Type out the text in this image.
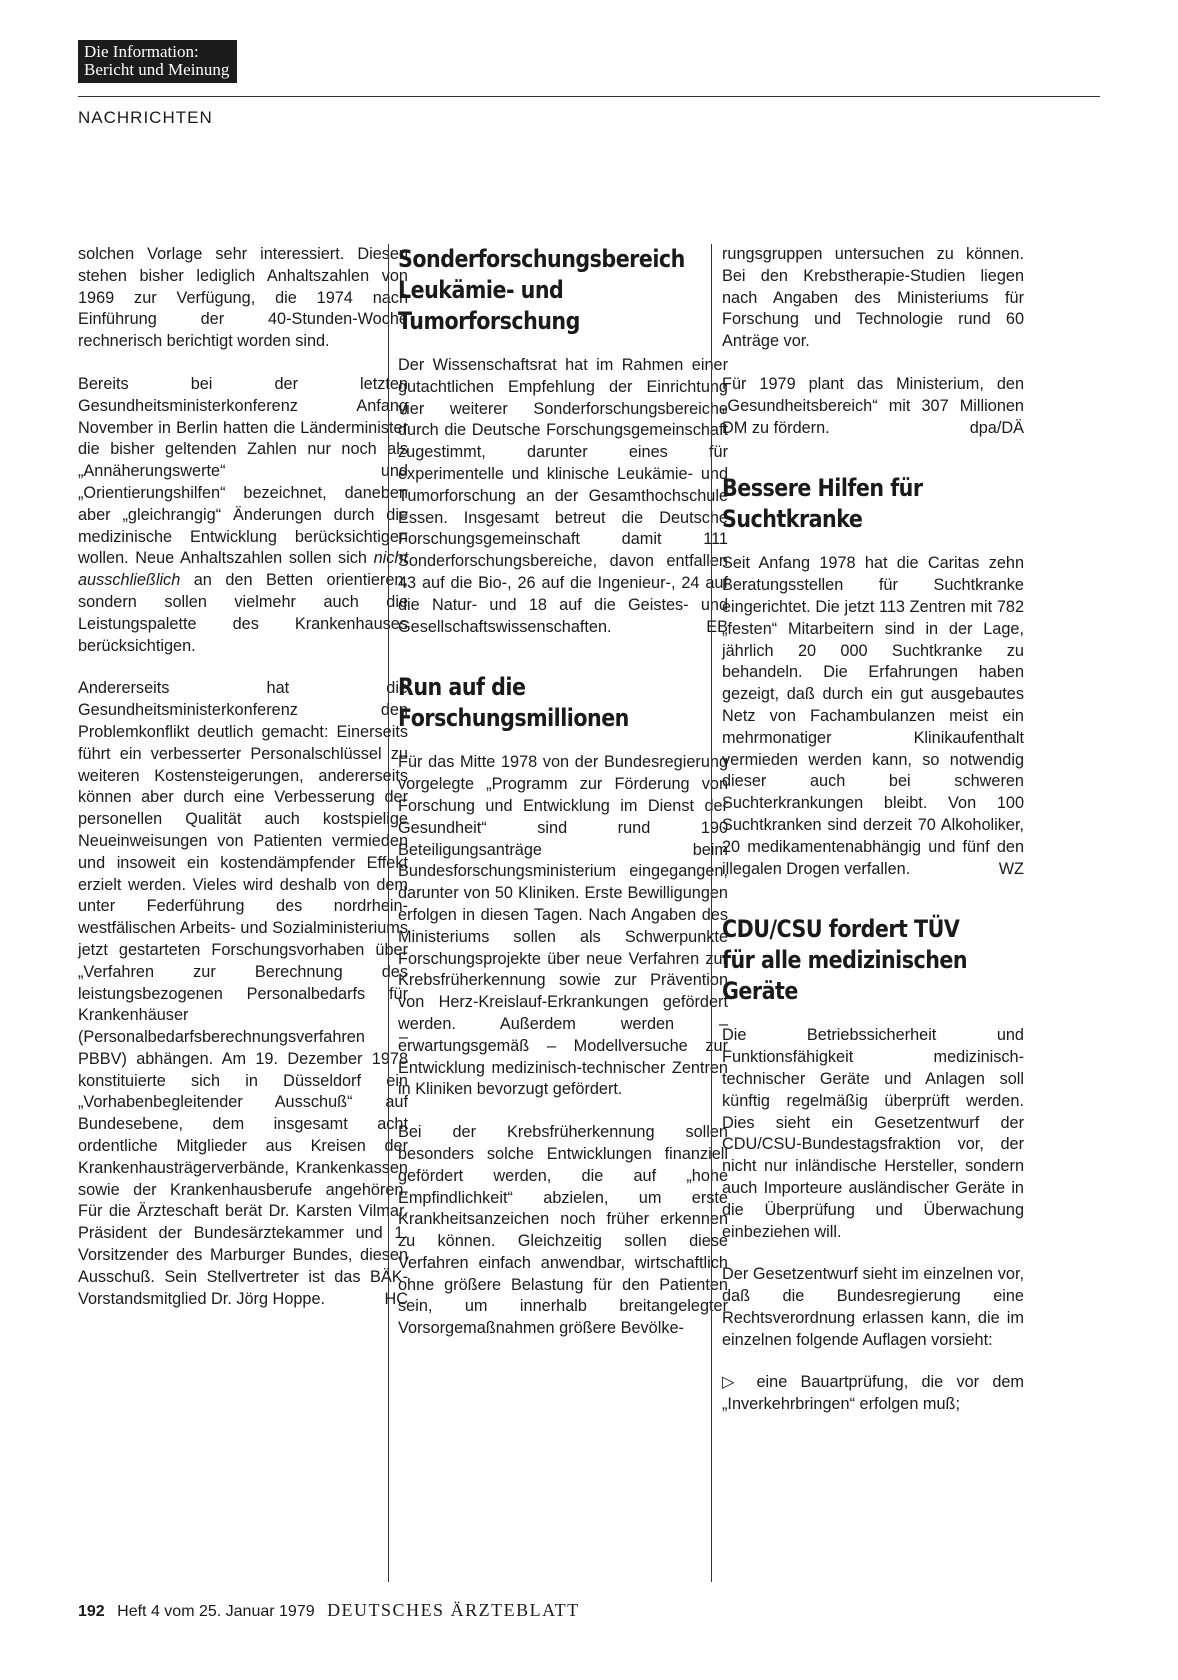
Die Information:
Bericht und Meinung
NACHRICHTEN

solchen Vorlage sehr interessiert. Diesen stehen bisher lediglich Anhaltszahlen von 1969 zur Verfügung, die 1974 nach Einführung der 40-Stunden-Woche rechnerisch berichtigt worden sind.

Bereits bei der letzten Gesundheitsministerkonferenz Anfang November in Berlin hatten die Länderminister die bisher geltenden Zahlen nur noch als „Annäherungswerte“ und „Orientierungshilfen“ bezeichnet, daneben aber „gleichrangig“ Änderungen durch die medizinische Entwicklung berücksichtigen wollen. Neue Anhaltszahlen sollen sich nicht ausschließlich an den Betten orientieren, sondern sollen vielmehr auch die Leistungspalette des Krankenhauses berücksichtigen.

Andererseits hat die Gesundheitsministerkonferenz den Problemkonflikt deutlich gemacht: Einerseits führt ein verbesserter Personalschlüssel zu weiteren Kostensteigerungen, andererseits können aber durch eine Verbesserung der personellen Qualität auch kostspielige Neueinweisungen von Patienten vermieden und insoweit ein kostendämpfender Effekt erzielt werden. Vieles wird deshalb von dem unter Federführung des nordrhein-westfälischen Arbeits- und Sozialministeriums jetzt gestarteten Forschungsvorhaben über „Verfahren zur Berechnung des leistungsbezogenen Personalbedarfs für Krankenhäuser (Personalbedarfsberechnungsverfahren – PBBV) abhängen. Am 19. Dezember 1978 konstituierte sich in Düsseldorf ein „Vorhabenbegleitender Ausschuß“ auf Bundesebene, dem insgesamt acht ordentliche Mitglieder aus Kreisen der Krankenhausträgerverbände, Krankenkassen sowie der Krankenhausberufe angehören. Für die Ärzteschaft berät Dr. Karsten Vilmar, Präsident der Bundesärztekammer und 1. Vorsitzender des Marburger Bundes, diesen Ausschuß. Sein Stellvertreter ist das BÄK-Vorstandsmitglied Dr. Jörg Hoppe.	HC

Sonderforschungsbereich Leukämie- und Tumorforschung

Der Wissenschaftsrat hat im Rahmen einer gutachtlichen Empfehlung der Einrichtung vier weiterer Sonderforschungsbereiche durch die Deutsche Forschungsgemeinschaft zugestimmt, darunter eines für experimentelle und klinische Leukämie- und Tumorforschung an der Gesamthochschule Essen. Insgesamt betreut die Deutsche Forschungsgemeinschaft damit 111 Sonderforschungsbereiche, davon entfallen 43 auf die Bio-, 26 auf die Ingenieur-, 24 auf die Natur- und 18 auf die Geistes- und Gesellschaftswissenschaften.	EB

Run auf die Forschungsmillionen

Für das Mitte 1978 von der Bundesregierung vorgelegte „Programm zur Förderung von Forschung und Entwicklung im Dienst der Gesundheit“ sind rund 190 Beteiligungsanträge beim Bundesforschungsministerium eingegangen, darunter von 50 Kliniken. Erste Bewilligungen erfolgen in diesen Tagen. Nach Angaben des Ministeriums sollen als Schwerpunkte Forschungsprojekte über neue Verfahren zur Krebsfrüherkennung sowie zur Prävention von Herz-Kreislauf-Erkrankungen gefördert werden. Außerdem werden – erwartungsgemäß – Modellversuche zur Entwicklung medizinisch-technischer Zentren in Kliniken bevorzugt gefördert.

Bei der Krebsfrüherkennung sollen besonders solche Entwicklungen finanziell gefördert werden, die auf „hohe Empfindlichkeit“ abzielen, um erste Krankheitsanzeichen noch früher erkennen zu können. Gleichzeitig sollen diese Verfahren einfach anwendbar, wirtschaftlich ohne größere Belastung für den Patienten sein, um innerhalb breitangelegter Vorsorgemaßnahmen größere Bevölke-

rungsgruppen untersuchen zu können. Bei den Krebstherapie-Studien liegen nach Angaben des Ministeriums für Forschung und Technologie rund 60 Anträge vor.

Für 1979 plant das Ministerium, den „Gesundheitsbereich“ mit 307 Millionen DM zu fördern.	dpa/DÄ

Bessere Hilfen für Suchtkranke

Seit Anfang 1978 hat die Caritas zehn Beratungsstellen für Suchtkranke eingerichtet. Die jetzt 113 Zentren mit 782 „festen“ Mitarbeitern sind in der Lage, jährlich 20 000 Suchtkranke zu behandeln. Die Erfahrungen haben gezeigt, daß durch ein gut ausgebautes Netz von Fachambulanzen meist ein mehrmonatiger Klinikaufenthalt vermieden werden kann, so notwendig dieser auch bei schweren Suchterkrankungen bleibt. Von 100 Suchtkranken sind derzeit 70 Alkoholiker, 20 medikamentenabhängig und fünf den illegalen Drogen verfallen.	WZ

CDU/CSU fordert TÜV für alle medizinischen Geräte

Die Betriebssicherheit und Funktionsfähigkeit medizinisch-technischer Geräte und Anlagen soll künftig regelmäßig überprüft werden. Dies sieht ein Gesetzentwurf der CDU/CSU-Bundestagsfraktion vor, der nicht nur inländische Hersteller, sondern auch Importeure ausländischer Geräte in die Überprüfung und Überwachung einbeziehen will.

Der Gesetzentwurf sieht im einzelnen vor, daß die Bundesregierung eine Rechtsverordnung erlassen kann, die im einzelnen folgende Auflagen vorsieht:

▷ eine Bauartprüfung, die vor dem „Inverkehrbringen“ erfolgen muß;

192 Heft 4 vom 25. Januar 1979 DEUTSCHES ÄRZTEBLATT
